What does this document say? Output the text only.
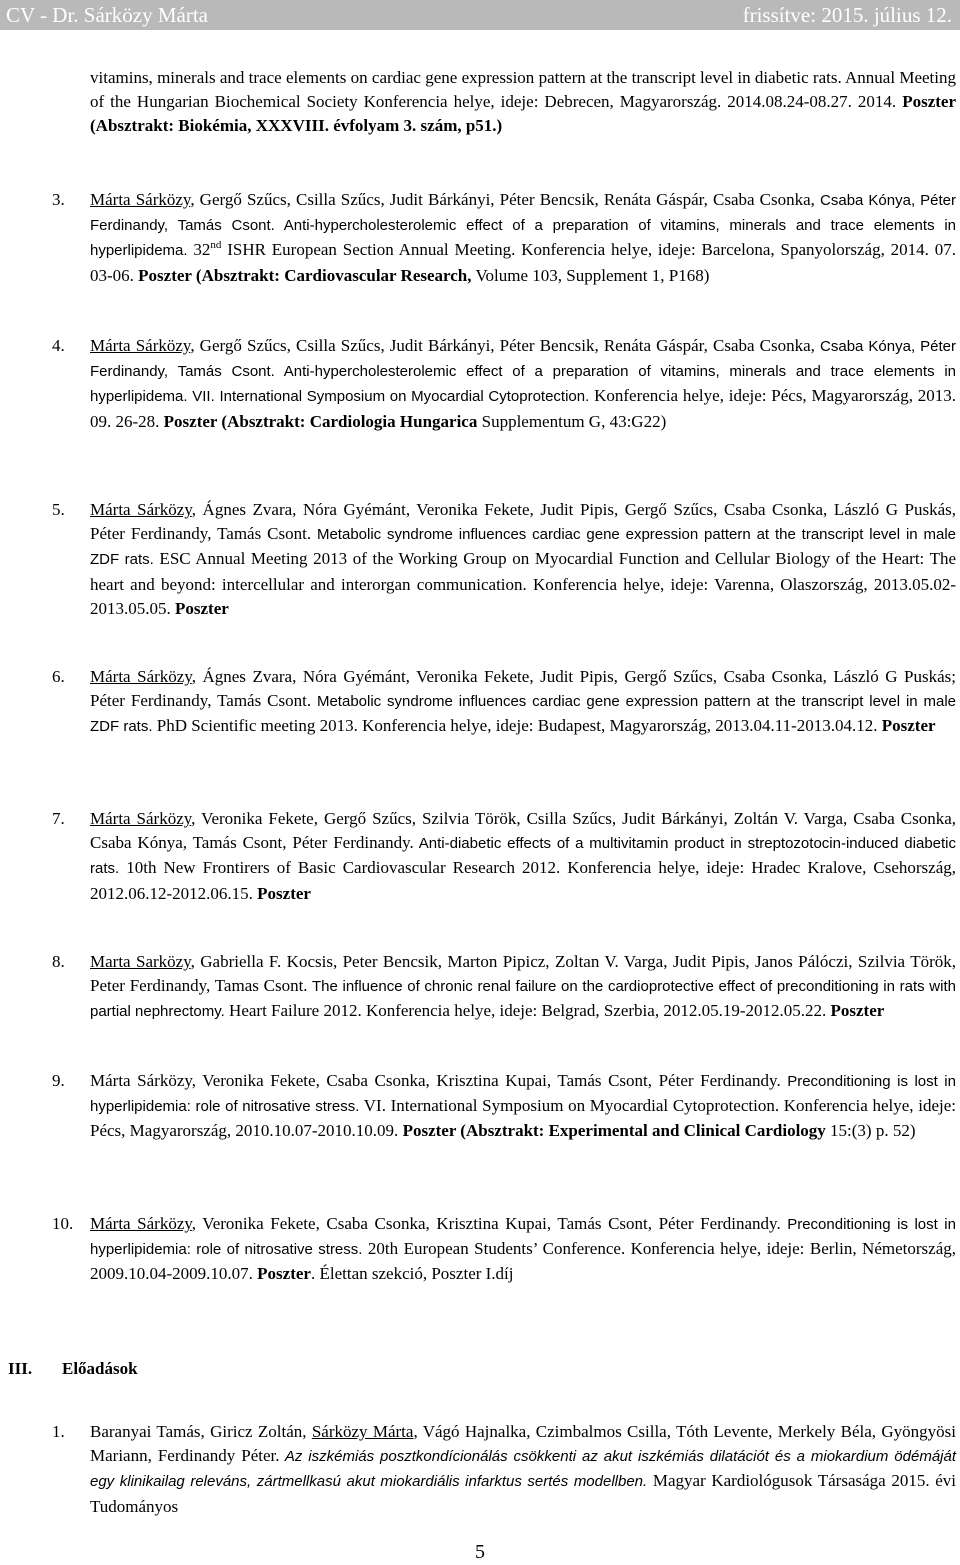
CV - Dr. Sárközy Márta	frissítve: 2015. július 12.
vitamins, minerals and trace elements on cardiac gene expression pattern at the transcript level in diabetic rats. Annual Meeting of the Hungarian Biochemical Society Konferencia helye, ideje: Debrecen, Magyarország. 2014.08.24-08.27. 2014. Poszter (Absztrakt: Biokémia, XXXVIII. évfolyam 3. szám, p51.)
3.	Márta Sárközy, Gergő Szűcs, Csilla Szűcs, Judit Bárkányi, Péter Bencsik, Renáta Gáspár, Csaba Csonka, Csaba Kónya, Péter Ferdinandy, Tamás Csont. Anti-hypercholesterolemic effect of a preparation of vitamins, minerals and trace elements in hyperlipidema. 32nd ISHR European Section Annual Meeting. Konferencia helye, ideje: Barcelona, Spanyolország, 2014. 07. 03-06. Poszter (Absztrakt: Cardiovascular Research, Volume 103, Supplement 1, P168)
4.	Márta Sárközy, Gergő Szűcs, Csilla Szűcs, Judit Bárkányi, Péter Bencsik, Renáta Gáspár, Csaba Csonka, Csaba Kónya, Péter Ferdinandy, Tamás Csont. Anti-hypercholesterolemic effect of a preparation of vitamins, minerals and trace elements in hyperlipidema. VII. International Symposium on Myocardial Cytoprotection. Konferencia helye, ideje: Pécs, Magyarország, 2013. 09. 26-28. Poszter (Absztrakt: Cardiologia Hungarica Supplementum G, 43:G22)
5.	Márta Sárközy, Ágnes Zvara, Nóra Gyémánt, Veronika Fekete, Judit Pipis, Gergő Szűcs, Csaba Csonka, László G Puskás, Péter Ferdinandy, Tamás Csont. Metabolic syndrome influences cardiac gene expression pattern at the transcript level in male ZDF rats. ESC Annual Meeting 2013 of the Working Group on Myocardial Function and Cellular Biology of the Heart: The heart and beyond: intercellular and interorgan communication. Konferencia helye, ideje: Varenna, Olaszország, 2013.05.02-2013.05.05. Poszter
6.	Márta Sárközy, Ágnes Zvara, Nóra Gyémánt, Veronika Fekete, Judit Pipis, Gergő Szűcs, Csaba Csonka, László G Puskás; Péter Ferdinandy, Tamás Csont. Metabolic syndrome influences cardiac gene expression pattern at the transcript level in male ZDF rats. PhD Scientific meeting 2013. Konferencia helye, ideje: Budapest, Magyarország, 2013.04.11-2013.04.12. Poszter
7.	Márta Sárközy, Veronika Fekete, Gergő Szűcs, Szilvia Török, Csilla Szűcs, Judit Bárkányi, Zoltán V. Varga, Csaba Csonka, Csaba Kónya, Tamás Csont, Péter Ferdinandy. Anti-diabetic effects of a multivitamin product in streptozotocin-induced diabetic rats. 10th New Frontirers of Basic Cardiovascular Research 2012. Konferencia helye, ideje: Hradec Kralove, Csehország, 2012.06.12-2012.06.15. Poszter
8.	Marta Sarközy, Gabriella F. Kocsis, Peter Bencsik, Marton Pipicz, Zoltan V. Varga, Judit Pipis, Janos Pálóczi, Szilvia Török, Peter Ferdinandy, Tamas Csont. The influence of chronic renal failure on the cardioprotective effect of preconditioning in rats with partial nephrectomy. Heart Failure 2012. Konferencia helye, ideje: Belgrad, Szerbia, 2012.05.19-2012.05.22. Poszter
9.	Márta Sárközy, Veronika Fekete, Csaba Csonka, Krisztina Kupai, Tamás Csont, Péter Ferdinandy. Preconditioning is lost in hyperlipidemia: role of nitrosative stress. VI. International Symposium on Myocardial Cytoprotection. Konferencia helye, ideje: Pécs, Magyarország, 2010.10.07-2010.10.09. Poszter (Absztrakt: Experimental and Clinical Cardiology 15:(3) p. 52)
10. Márta Sárközy, Veronika Fekete, Csaba Csonka, Krisztina Kupai, Tamás Csont, Péter Ferdinandy. Preconditioning is lost in hyperlipidemia: role of nitrosative stress. 20th European Students’ Conference. Konferencia helye, ideje: Berlin, Németország, 2009.10.04-2009.10.07. Poszter. Élettan szekció, Poszter I.díj
III. Előadások
1.	Baranyai Tamás, Giricz Zoltán, Sárközy Márta, Vágó Hajnalka, Czimbalmos Csilla, Tóth Levente, Merkely Béla, Gyöngyösi Mariann, Ferdinandy Péter. Az iszkémiás posztkondícionálás csökkenti az akut iszkémiás dilatációt és a miokardium ödémáját egy klinikailag releváns, zártmellkasú akut miokardiális infarktus sertés modellben. Magyar Kardiológusok Társasága 2015. évi Tudományos
5
